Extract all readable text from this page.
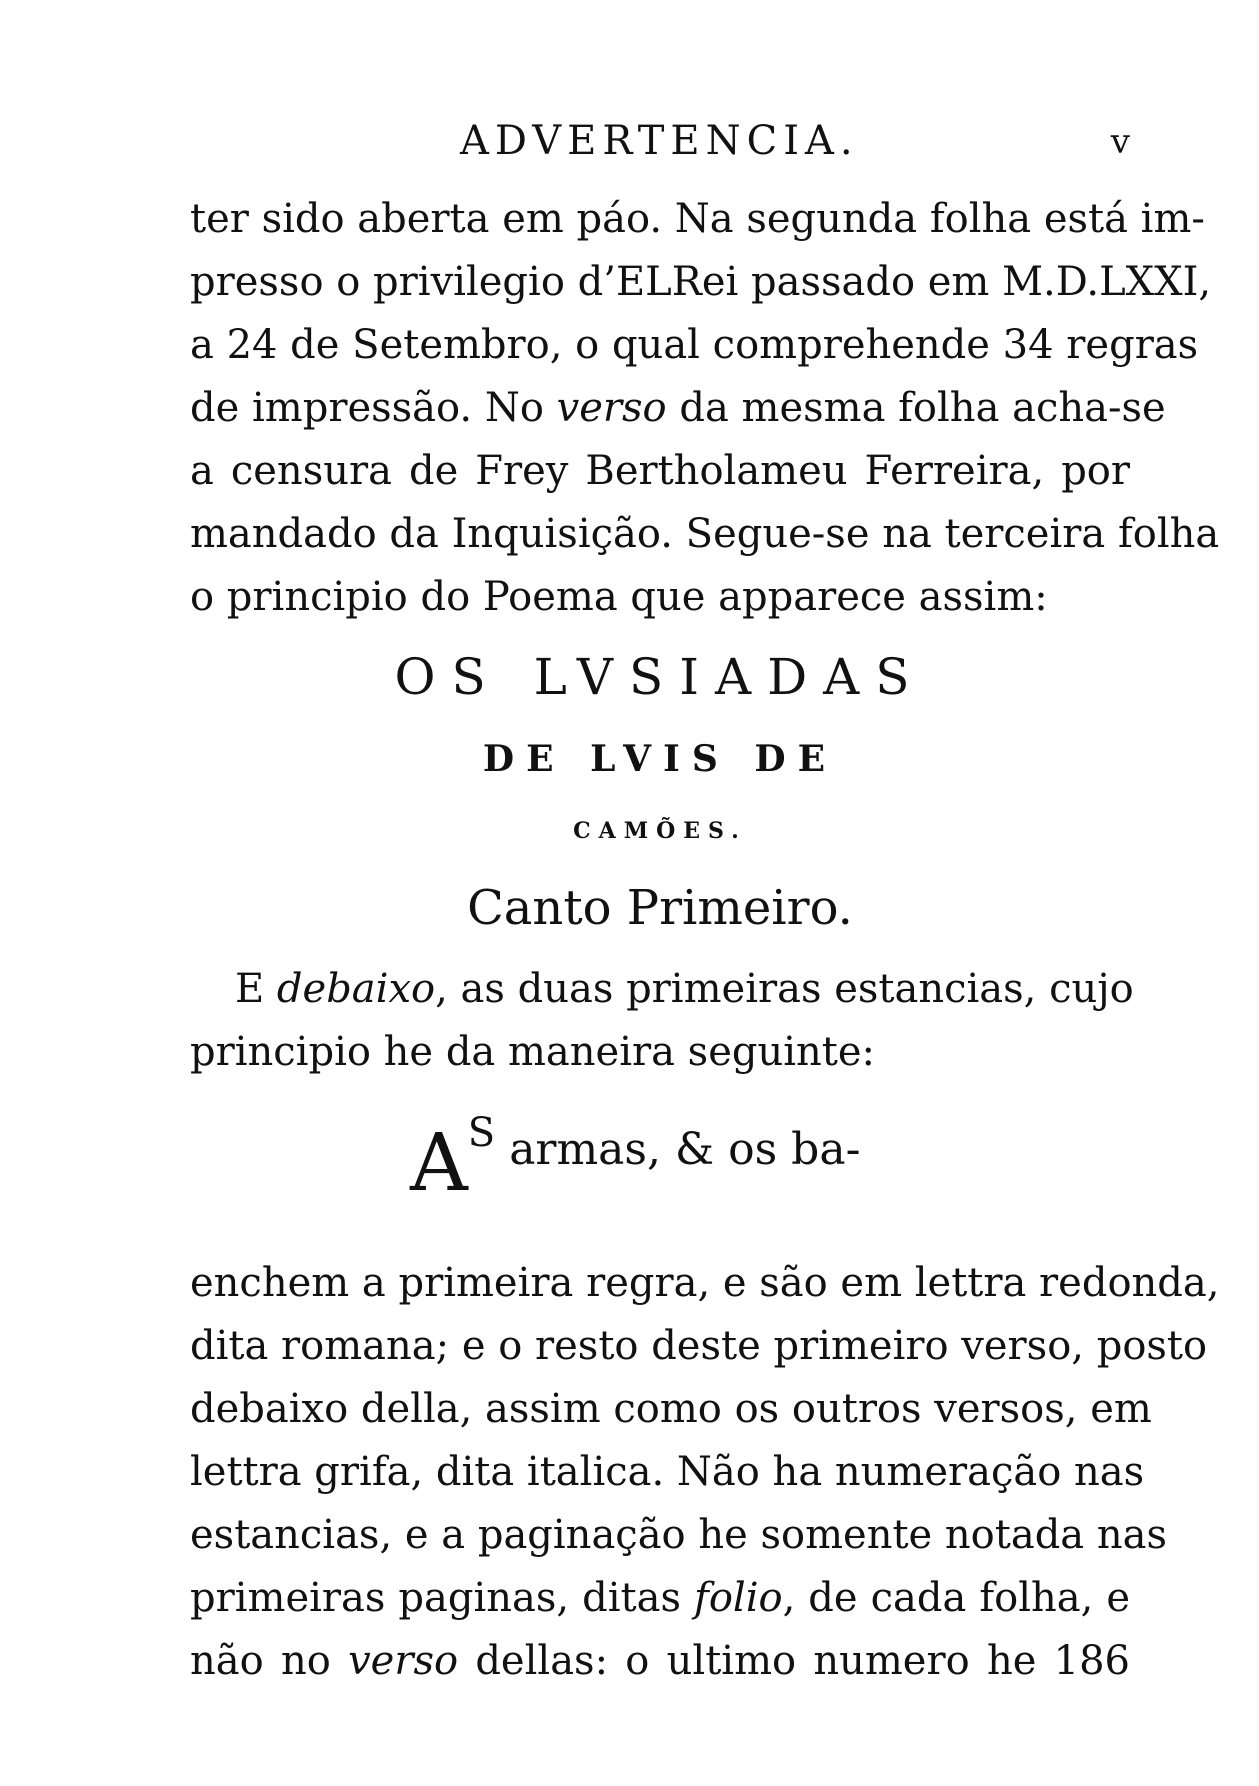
ADVERTENCIA.	v
ter sido aberta em páo. Na segunda folha está im-
presso o privilegio d’ELRei passado em M.D.LXXI,
a 24 de Setembro, o qual comprehende 34 regras
de impressão. No verso da mesma folha acha-se
a censura de Frey Bertholameu Ferreira, por
mandado da Inquisição. Segue-se na terceira folha
o principio do Poema que apparece assim:

OS LVSIADAS

DE LVIS DE

CAMÕES.

Canto Primeiro.

E debaixo, as duas primeiras estancias, cujo
principio he da maneira seguinte:
AS armas, & os ba-
enchem a primeira regra, e são em lettra redonda,
dita romana; e o resto deste primeiro verso, posto
debaixo della, assim como os outros versos, em
lettra grifa, dita italica. Não ha numeração nas
estancias, e a paginação he somente notada nas
primeiras paginas, ditas folio, de cada folha, e
não no verso dellas: o ultimo numero he 186
